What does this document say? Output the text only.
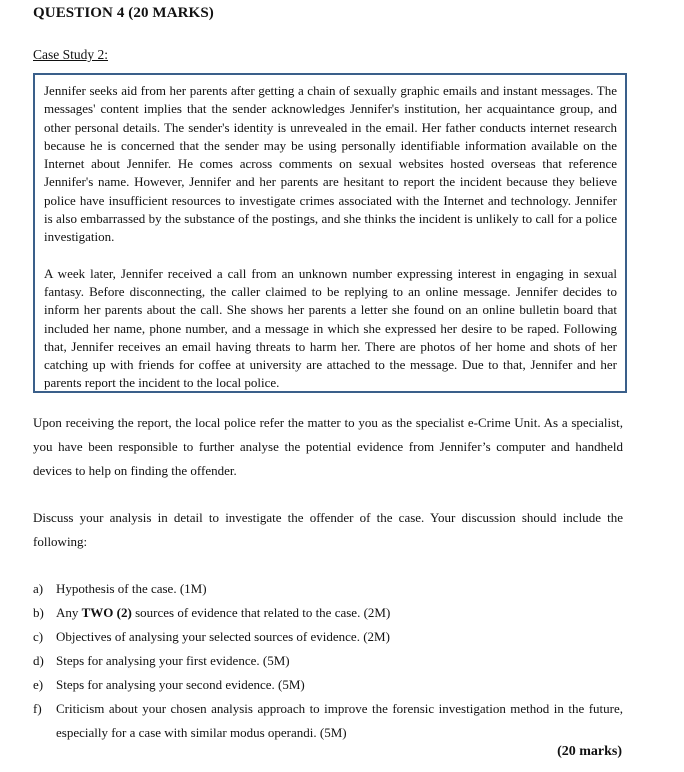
QUESTION 4 (20 MARKS)
Case Study 2:

Jennifer seeks aid from her parents after getting a chain of sexually graphic emails and instant messages. The messages' content implies that the sender acknowledges Jennifer's institution, her acquaintance group, and other personal details. The sender's identity is unrevealed in the email. Her father conducts internet research because he is concerned that the sender may be using personally identifiable information available on the Internet about Jennifer. He comes across comments on sexual websites hosted overseas that reference Jennifer's name. However, Jennifer and her parents are hesitant to report the incident because they believe police have insufficient resources to investigate crimes associated with the Internet and technology. Jennifer is also embarrassed by the substance of the postings, and she thinks the incident is unlikely to call for a police investigation.

A week later, Jennifer received a call from an unknown number expressing interest in engaging in sexual fantasy. Before disconnecting, the caller claimed to be replying to an online message. Jennifer decides to inform her parents about the call. She shows her parents a letter she found on an online bulletin board that included her name, phone number, and a message in which she expressed her desire to be raped. Following that, Jennifer receives an email having threats to harm her. There are photos of her home and shots of her catching up with friends for coffee at university are attached to the message. Due to that, Jennifer and her parents report the incident to the local police.

Upon receiving the report, the local police refer the matter to you as the specialist e-Crime Unit. As a specialist, you have been responsible to further analyse the potential evidence from Jennifer’s computer and handheld devices to help on finding the offender.

Discuss your analysis in detail to investigate the offender of the case. Your discussion should include the following:

a) Hypothesis of the case. (1M)
b) Any TWO (2) sources of evidence that related to the case. (2M)
c) Objectives of analysing your selected sources of evidence. (2M)
d) Steps for analysing your first evidence. (5M)
e) Steps for analysing your second evidence. (5M)
f)	Criticism about your chosen analysis approach to improve the forensic investigation method in the future, especially for a case with similar modus operandi. (5M)
(20 marks)
